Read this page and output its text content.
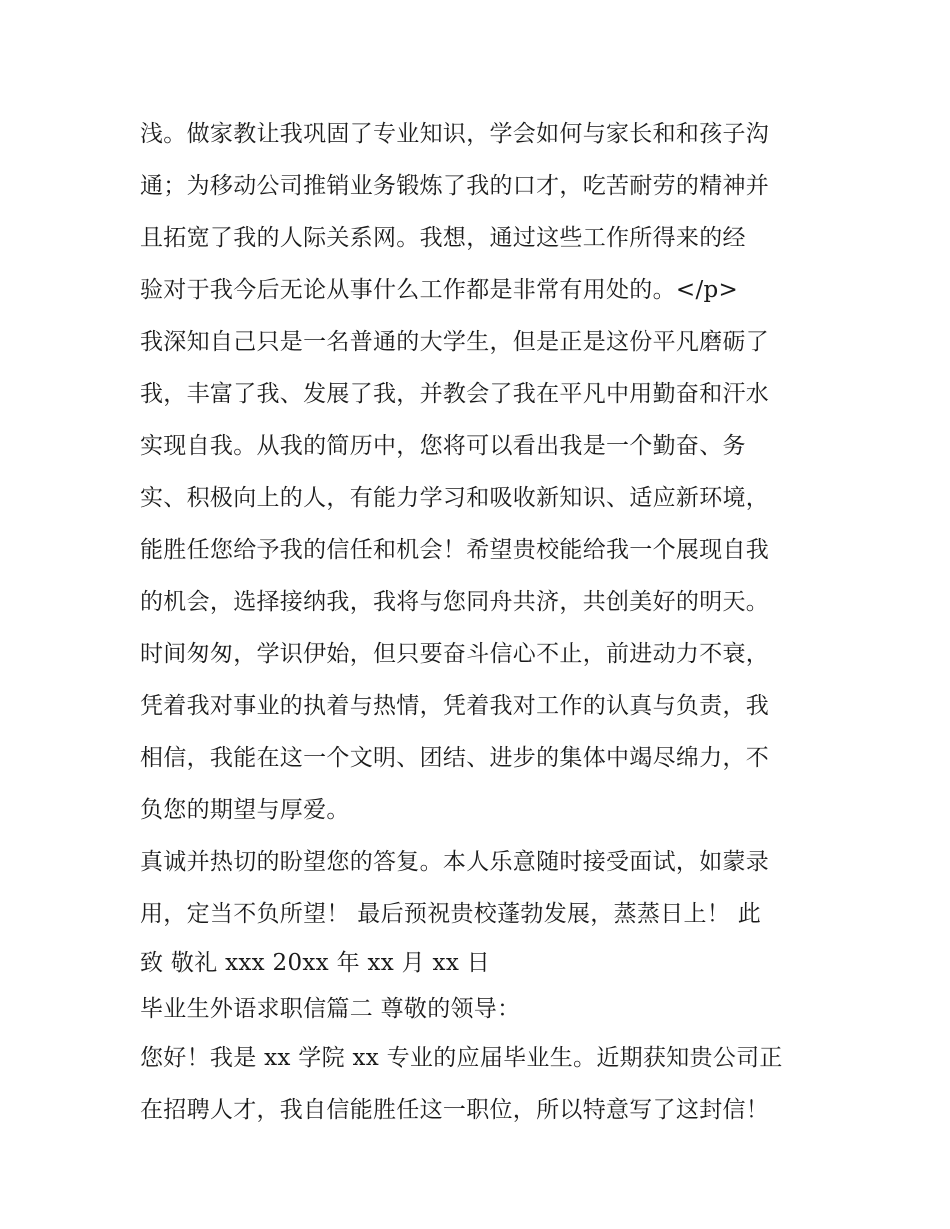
浅。做家教让我巩固了专业知识，学会如何与家长和和孩子沟
通；为移动公司推销业务锻炼了我的口才，吃苦耐劳的精神并
且拓宽了我的人际关系网。我想，通过这些工作所得来的经
验对于我今后无论从事什么工作都是非常有用处的。</p>
我深知自己只是一名普通的大学生，但是正是这份平凡磨砺了
我，丰富了我、发展了我，并教会了我在平凡中用勤奋和汗水
实现自我。从我的简历中，您将可以看出我是一个勤奋、务
实、积极向上的人，有能力学习和吸收新知识、适应新环境，
能胜任您给予我的信任和机会！希望贵校能给我一个展现自我
的机会，选择接纳我，我将与您同舟共济，共创美好的明天。
时间匆匆，学识伊始，但只要奋斗信心不止，前进动力不衰，
凭着我对事业的执着与热情，凭着我对工作的认真与负责，我
相信，我能在这一个文明、团结、进步的集体中竭尽绵力，不
负您的期望与厚爱。
真诚并热切的盼望您的答复。本人乐意随时接受面试，如蒙录
用，定当不负所望！ 最后预祝贵校蓬勃发展，蒸蒸日上！ 此
致 敬礼 xxx 20xx 年 xx 月 xx 日
毕业生外语求职信篇二 尊敬的领导：
您好！我是 xx 学院 xx 专业的应届毕业生。近期获知贵公司正
在招聘人才，我自信能胜任这一职位，所以特意写了这封信！
